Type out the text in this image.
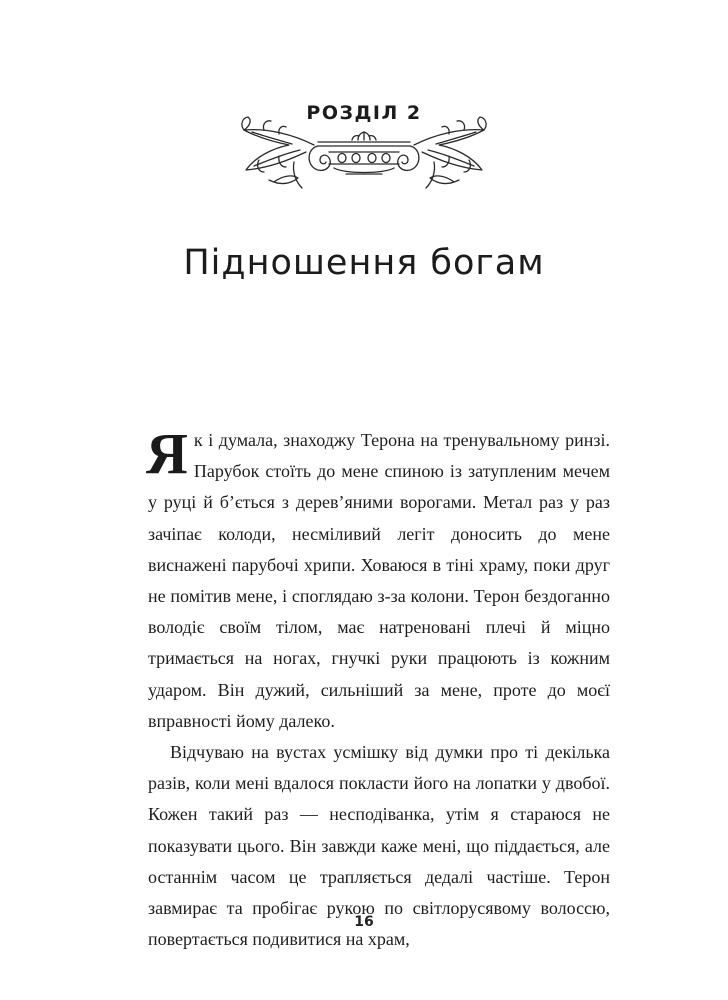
РОЗДІЛ 2
Підношення богам

Як і думала, знаходжу Терона на тренувальному ринзі. Парубок стоїть до мене спиною із затупленим мечем у руці й б’ється з дерев’яними ворогами. Метал раз у раз зачіпає колоди, несміливий легіт доносить до мене виснажені парубочі хрипи. Ховаюся в тіні храму, поки друг не помітив мене, і споглядаю з-за колони. Терон бездоганно володіє своїм тілом, має натреновані плечі й міцно тримається на ногах, гнучкі руки працюють із кожним ударом. Він дужий, сильніший за мене, проте до моєї вправності йому далеко.

Відчуваю на вустах усмішку від думки про ті декілька разів, коли мені вдалося покласти його на лопатки у двобої. Кожен такий раз — несподіванка, утім я стараюся не показувати цього. Він завжди каже мені, що піддається, але останнім часом це трапляється дедалі частіше. Терон завмирає та пробігає рукою по світлорусявому волоссю, повертається подивитися на храм,

16
